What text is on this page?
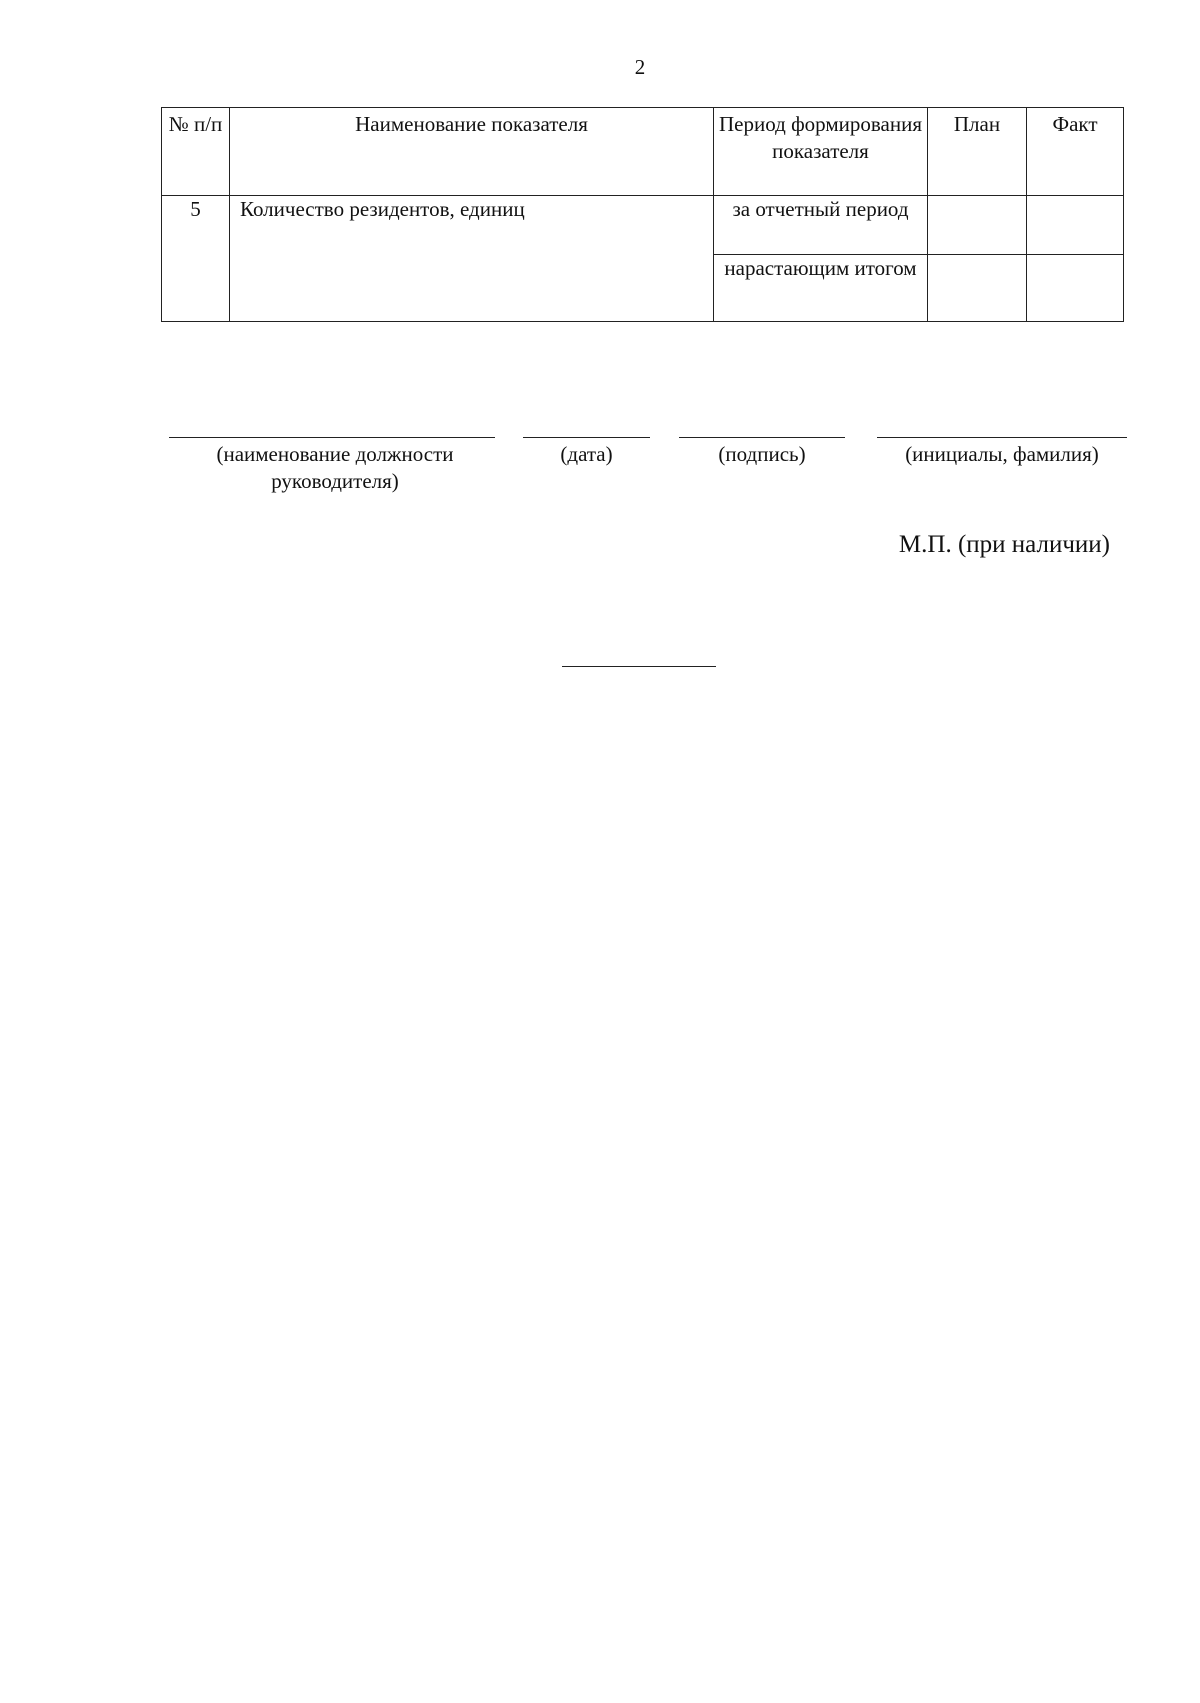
2
№ п/п	Наименование показателя	Период формирования показателя	План	Факт
5	Количество резидентов, единиц	за отчетный период		
		нарастающим итогом		
(наименование должности руководителя)
(дата)	(подпись)	(инициалы, фамилия)
М.П. (при наличии)
